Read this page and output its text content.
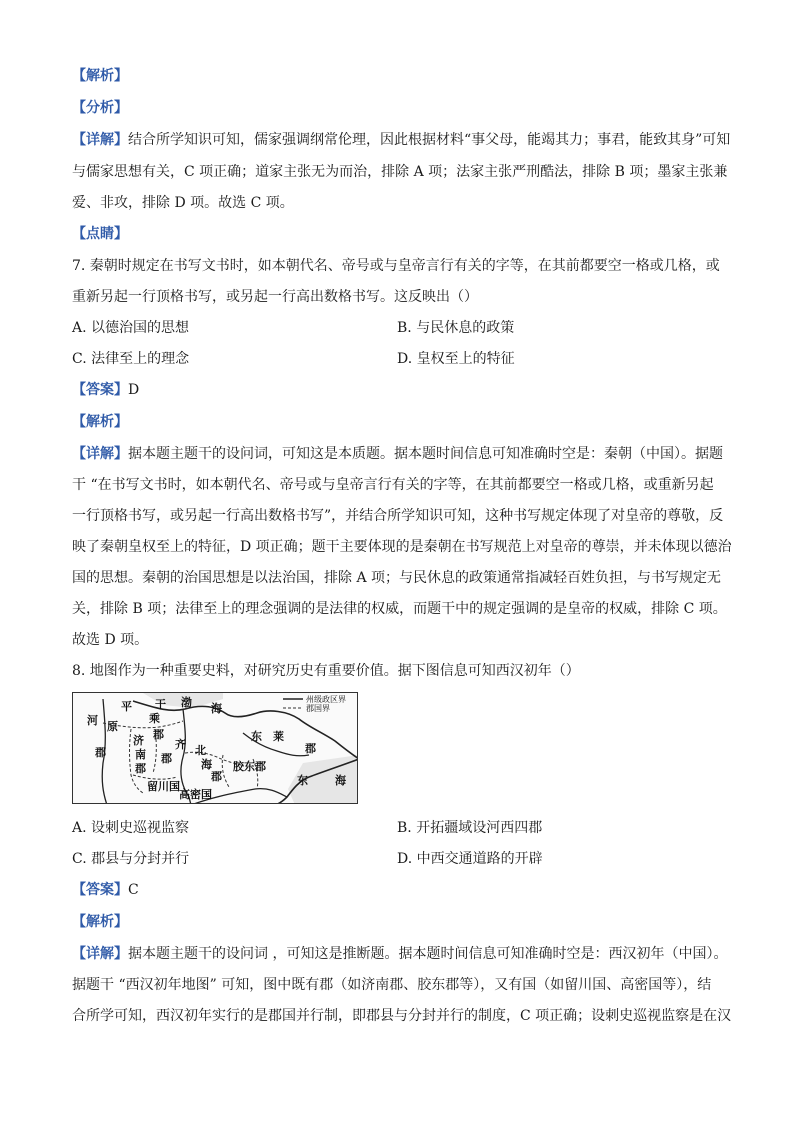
【解析】
【分析】
【详解】结合所学知识可知，儒家强调纲常伦理，因此根据材料“事父母，能竭其力；事君，能致其身”可知
与儒家思想有关，C 项正确；道家主张无为而治，排除 A 项；法家主张严刑酷法，排除 B 项；墨家主张兼
爱、非攻，排除 D 项。故选 C 项。
【点睛】
7. 秦朝时规定在书写文书时，如本朝代名、帝号或与皇帝言行有关的字等，在其前都要空一格或几格，或
重新另起一行顶格书写，或另起一行高出数格书写。这反映出（）
A. 以德治国的思想	B. 与民休息的政策
C. 法律至上的理念	D. 皇权至上的特征
【答案】D
【解析】
【详解】据本题主题干的设问词，可知这是本质题。据本题时间信息可知准确时空是：秦朝（中国）。据题
干 “在书写文书时，如本朝代名、帝号或与皇帝言行有关的字等，在其前都要空一格或几格，或重新另起
一行顶格书写，或另起一行高出数格书写”，并结合所学知识可知，这种书写规定体现了对皇帝的尊敬，反
映了秦朝皇权至上的特征，D 项正确；题干主要体现的是秦朝在书写规范上对皇帝的尊崇，并未体现以德治
国的思想。秦朝的治国思想是以法治国，排除 A 项；与民休息的政策通常指减轻百姓负担，与书写规定无
关，排除 B 项；法律至上的理念强调的是法律的权威，而题干中的规定强调的是皇帝的权威，排除 C 项。
故选 D 项。
8. 地图作为一种重要史料，对研究历史有重要价值。据下图信息可知西汉初年（）
州级政区界
郡国界
渤 海
平 干
河 原
郡
乘
郡
济
南
郡
齐
郡
北
海
郡
东 莱
郡
胶东郡
东 海
留川国
高密国
A. 设刺史巡视监察	B. 开拓疆域设河西四郡
C. 郡县与分封并行	D. 中西交通道路的开辟
【答案】C
【解析】
【详解】据本题主题干的设问词 ，可知这是推断题。据本题时间信息可知准确时空是：西汉初年（中国）。
据题干 “西汉初年地图” 可知，图中既有郡（如济南郡、胶东郡等），又有国（如留川国、高密国等），结
合所学可知，西汉初年实行的是郡国并行制，即郡县与分封并行的制度，C 项正确；设刺史巡视监察是在汉
